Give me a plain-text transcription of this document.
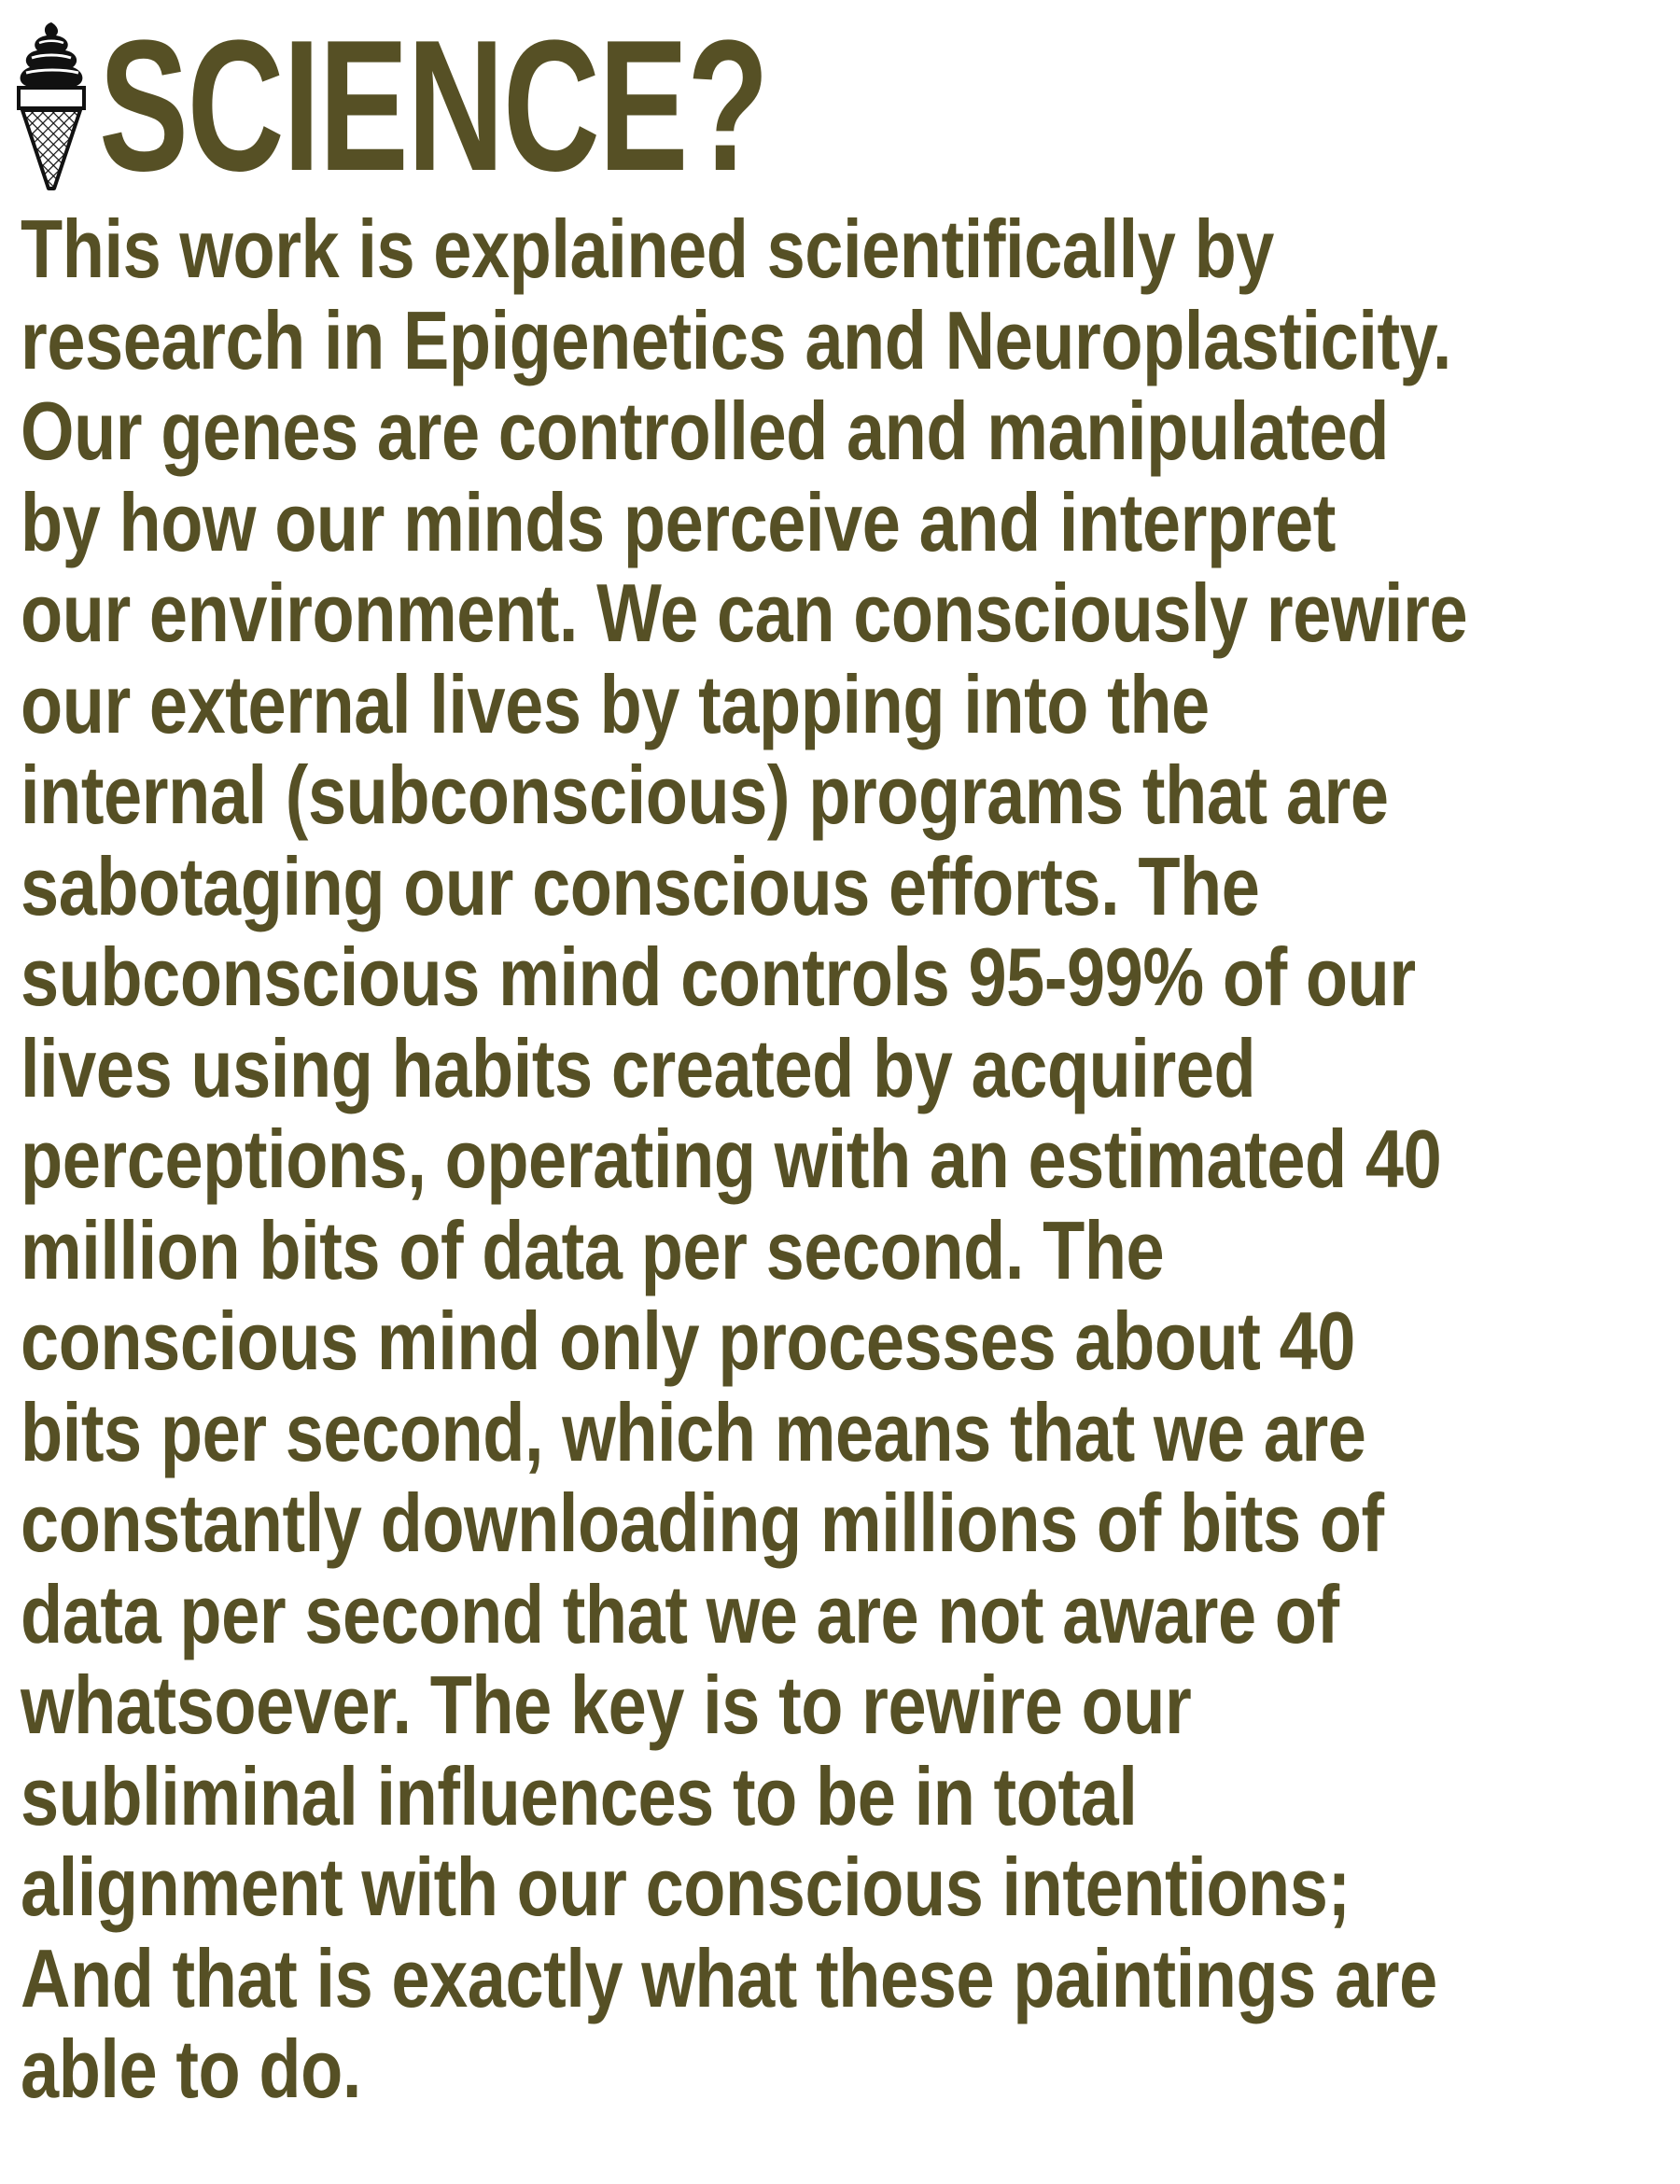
SCIENCE?
This work is explained scientifically by
research in Epigenetics and Neuroplasticity.
Our genes are controlled and manipulated
by how our minds perceive and interpret
our environment. We can consciously rewire
our external lives by tapping into the
internal (subconscious) programs that are
sabotaging our conscious efforts. The
subconscious mind controls 95-99% of our
lives using habits created by acquired
perceptions, operating with an estimated 40
million bits of data per second. The
conscious mind only processes about 40
bits per second, which means that we are
constantly downloading millions of bits of
data per second that we are not aware of
whatsoever. The key is to rewire our
subliminal influences to be in total
alignment with our conscious intentions;
And that is exactly what these paintings are
able to do.
